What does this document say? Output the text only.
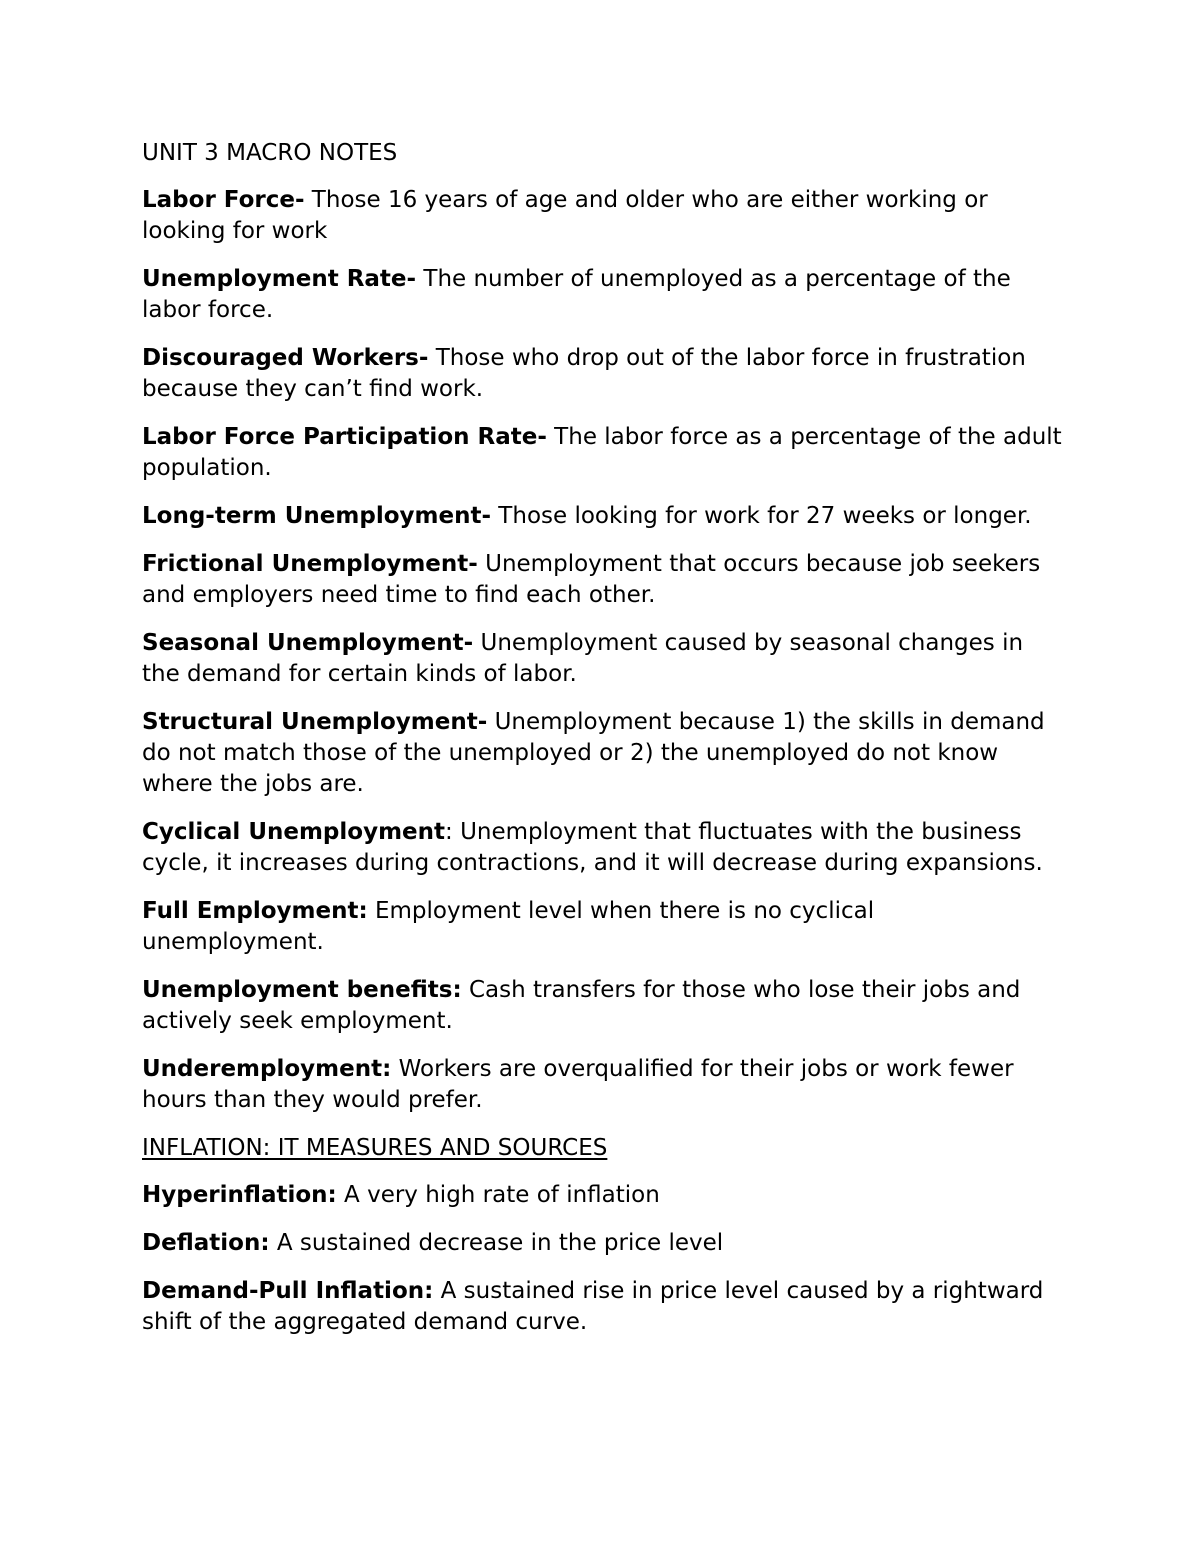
UNIT 3 MACRO NOTES

Labor Force- Those 16 years of age and older who are either working or looking for work

Unemployment Rate- The number of unemployed as a percentage of the labor force.

Discouraged Workers- Those who drop out of the labor force in frustration because they can’t find work.

Labor Force Participation Rate- The labor force as a percentage of the adult population.

Long-term Unemployment- Those looking for work for 27 weeks or longer.

Frictional Unemployment- Unemployment that occurs because job seekers and employers need time to find each other.

Seasonal Unemployment- Unemployment caused by seasonal changes in the demand for certain kinds of labor.

Structural Unemployment- Unemployment because 1) the skills in demand do not match those of the unemployed or 2) the unemployed do not know where the jobs are.

Cyclical Unemployment: Unemployment that fluctuates with the business cycle, it increases during contractions, and it will decrease during expansions.

Full Employment: Employment level when there is no cyclical unemployment.

Unemployment benefits: Cash transfers for those who lose their jobs and actively seek employment.

Underemployment: Workers are overqualified for their jobs or work fewer hours than they would prefer.

INFLATION: IT MEASURES AND SOURCES

Hyperinflation: A very high rate of inflation

Deflation: A sustained decrease in the price level

Demand-Pull Inflation: A sustained rise in price level caused by a rightward shift of the aggregated demand curve.
